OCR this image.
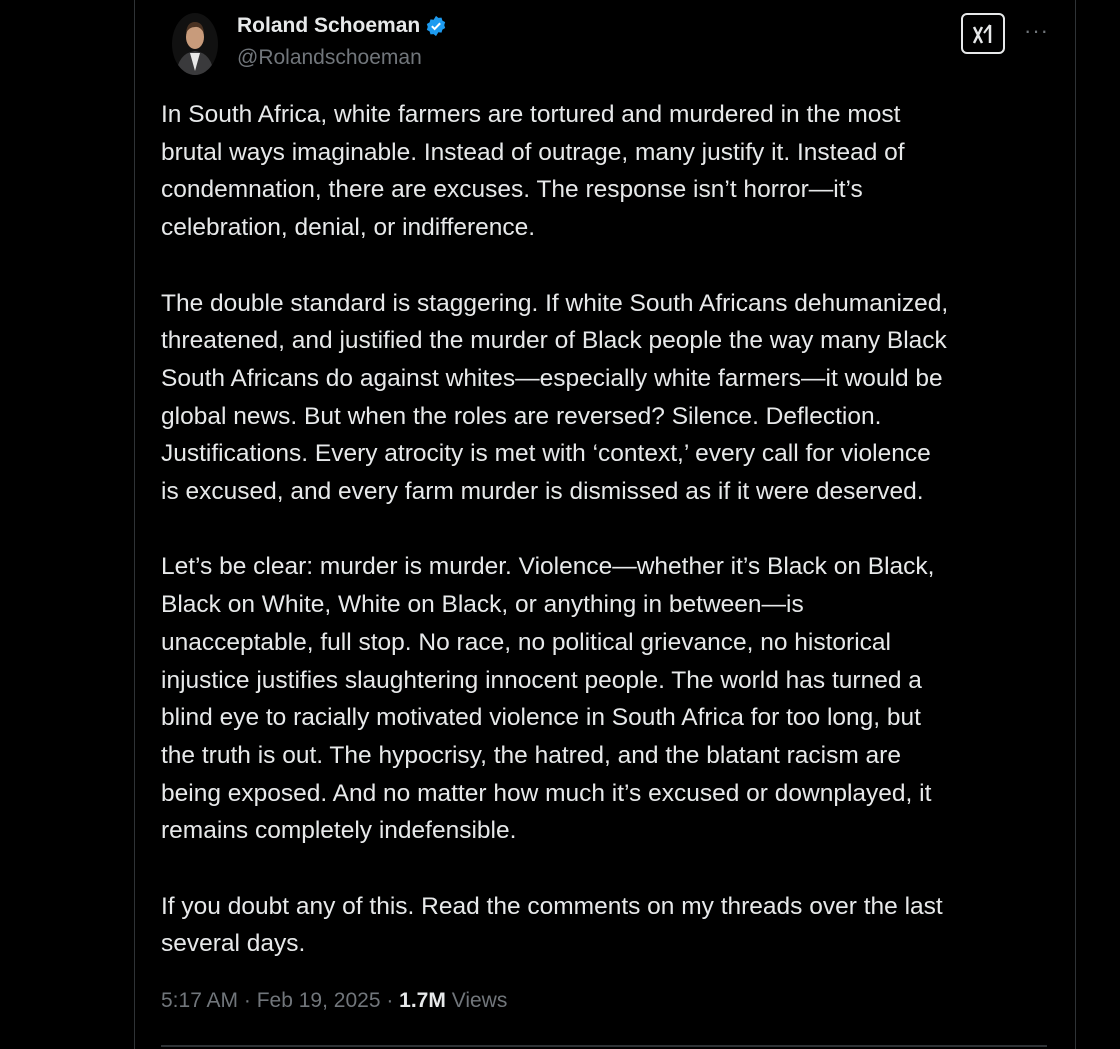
Roland Schoeman
@Rolandschoeman
···
In South Africa, white farmers are tortured and murdered in the most
brutal ways imaginable. Instead of outrage, many justify it. Instead of
condemnation, there are excuses. The response isn’t horror—it’s
celebration, denial, or indifference.
The double standard is staggering. If white South Africans dehumanized,
threatened, and justified the murder of Black people the way many Black
South Africans do against whites—especially white farmers—it would be
global news. But when the roles are reversed? Silence. Deflection.
Justifications. Every atrocity is met with ‘context,’ every call for violence
is excused, and every farm murder is dismissed as if it were deserved.
Let’s be clear: murder is murder. Violence—whether it’s Black on Black,
Black on White, White on Black, or anything in between—is
unacceptable, full stop. No race, no political grievance, no historical
injustice justifies slaughtering innocent people. The world has turned a
blind eye to racially motivated violence in South Africa for too long, but
the truth is out. The hypocrisy, the hatred, and the blatant racism are
being exposed. And no matter how much it’s excused or downplayed, it
remains completely indefensible.
If you doubt any of this. Read the comments on my threads over the last
several days.
5:17 AM · Feb 19, 2025 · 1.7M Views
